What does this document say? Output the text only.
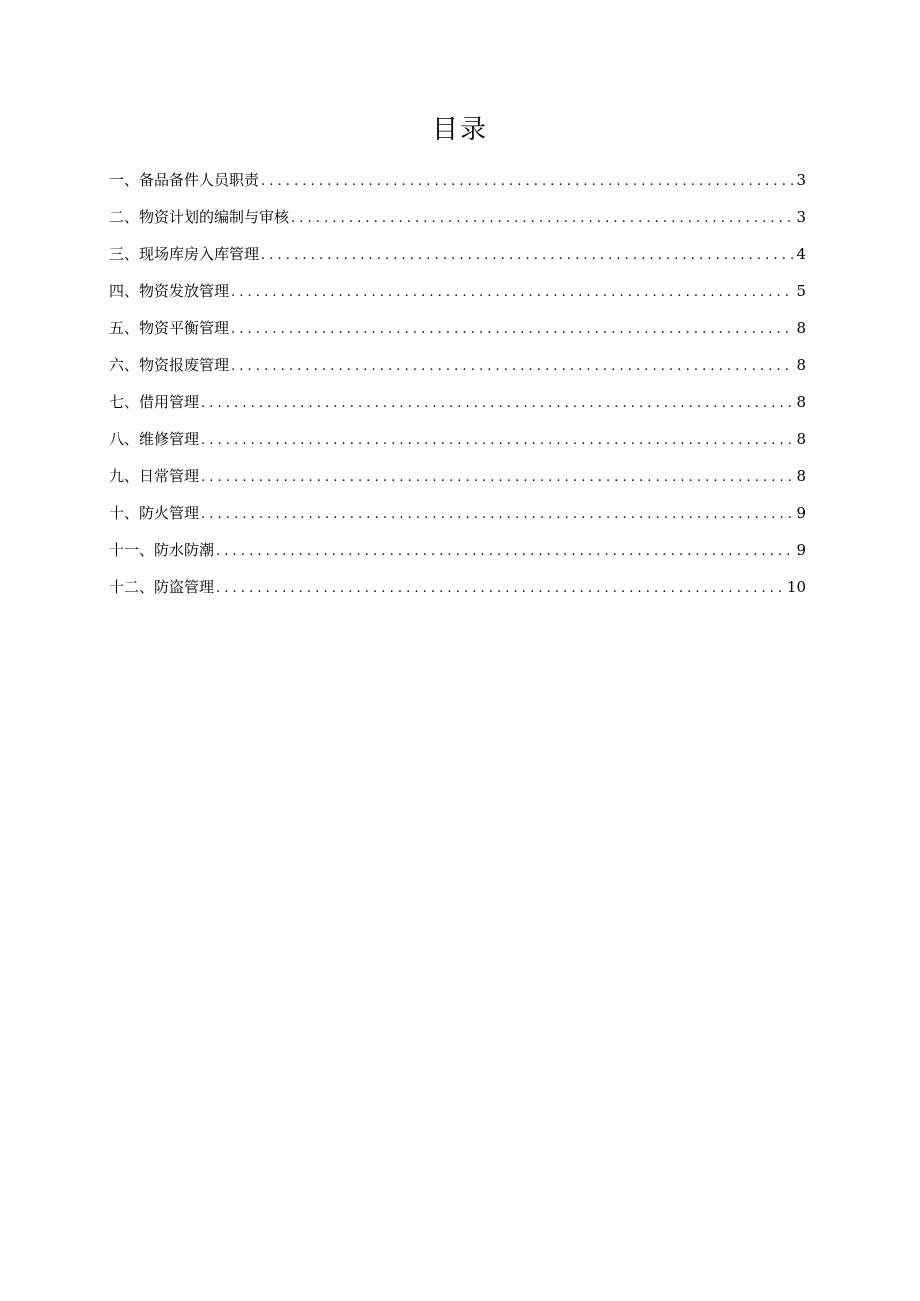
目录
一、备品备件人员职责 . . .	3
二、物资计划的编制与审核 . . .	3
三、现场库房入库管理 . . .	4
四、物资发放管理 . . .	5
五、物资平衡管理 . . .	8
六、物资报废管理 . . .	8
七、借用管理 . . .	8
八、维修管理 . . .	8
九、日常管理 . . .	8
十、防火管理 . . .	9
十一、防水防潮 . . .	9
十二、防盗管理 . . .	10
